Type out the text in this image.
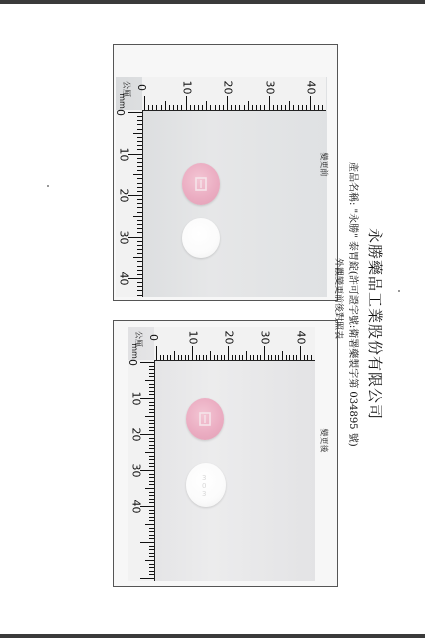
0	10	20	30	40
0
10
20
30
40
公厘
mm
變更前
0 10 20 30 40
0
10
20
30
40
公厘
mm
3
0
3
變更後
永勝藥品工業股份有限公司
產品名稱: "永勝" 泰胃錠(許可證字號:衛署藥製字第 034895 號)
外觀變更前後對照表
